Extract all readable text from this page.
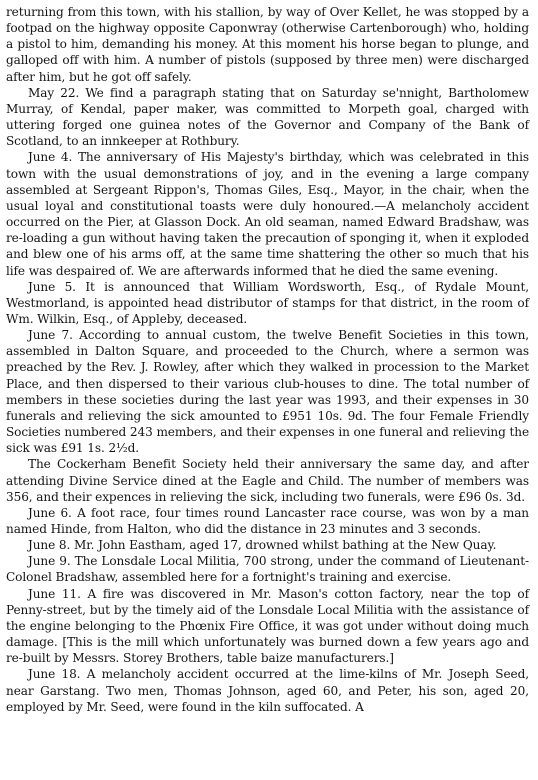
returning from this town, with his stallion, by way of Over Kellet, he was stopped by a footpad on the highway opposite Caponwray (otherwise Cartenborough) who, holding a pistol to him, demanding his money. At this moment his horse began to plunge, and galloped off with him. A number of pistols (supposed by three men) were discharged after him, but he got off safely.

May 22. We find a paragraph stating that on Saturday se'nnight, Bartholomew Murray, of Kendal, paper maker, was committed to Morpeth goal, charged with uttering forged one guinea notes of the Governor and Company of the Bank of Scotland, to an innkeeper at Rothbury.

June 4. The anniversary of His Majesty's birthday, which was celebrated in this town with the usual demonstrations of joy, and in the evening a large company assembled at Sergeant Rippon's, Thomas Giles, Esq., Mayor, in the chair, when the usual loyal and constitutional toasts were duly honoured.—A melancholy accident occurred on the Pier, at Glasson Dock. An old seaman, named Edward Bradshaw, was re-loading a gun without having taken the precaution of sponging it, when it exploded and blew one of his arms off, at the same time shattering the other so much that his life was despaired of. We are afterwards informed that he died the same evening.

June 5. It is announced that William Wordsworth, Esq., of Rydale Mount, Westmorland, is appointed head distributor of stamps for that district, in the room of Wm. Wilkin, Esq., of Appleby, deceased.

June 7. According to annual custom, the twelve Benefit Societies in this town, assembled in Dalton Square, and proceeded to the Church, where a sermon was preached by the Rev. J. Rowley, after which they walked in procession to the Market Place, and then dispersed to their various club-houses to dine. The total number of members in these societies during the last year was 1993, and their expenses in 30 funerals and relieving the sick amounted to £951 10s. 9d. The four Female Friendly Societies numbered 243 members, and their expenses in one funeral and relieving the sick was £91 1s. 2½d.

The Cockerham Benefit Society held their anniversary the same day, and after attending Divine Service dined at the Eagle and Child. The number of members was 356, and their expences in relieving the sick, including two funerals, were £96 0s. 3d.

June 6. A foot race, four times round Lancaster race course, was won by a man named Hinde, from Halton, who did the distance in 23 minutes and 3 seconds.

June 8. Mr. John Eastham, aged 17, drowned whilst bathing at the New Quay.

June 9. The Lonsdale Local Militia, 700 strong, under the command of Lieutenant-Colonel Bradshaw, assembled here for a fortnight's training and exercise.

June 11. A fire was discovered in Mr. Mason's cotton factory, near the top of Penny-street, but by the timely aid of the Lonsdale Local Militia with the assistance of the engine belonging to the Phœnix Fire Office, it was got under without doing much damage. [This is the mill which unfortunately was burned down a few years ago and re-built by Messrs. Storey Brothers, table baize manufacturers.]

June 18. A melancholy accident occurred at the lime-kilns of Mr. Joseph Seed, near Garstang. Two men, Thomas Johnson, aged 60, and Peter, his son, aged 20, employed by Mr. Seed, were found in the kiln suffocated. A
